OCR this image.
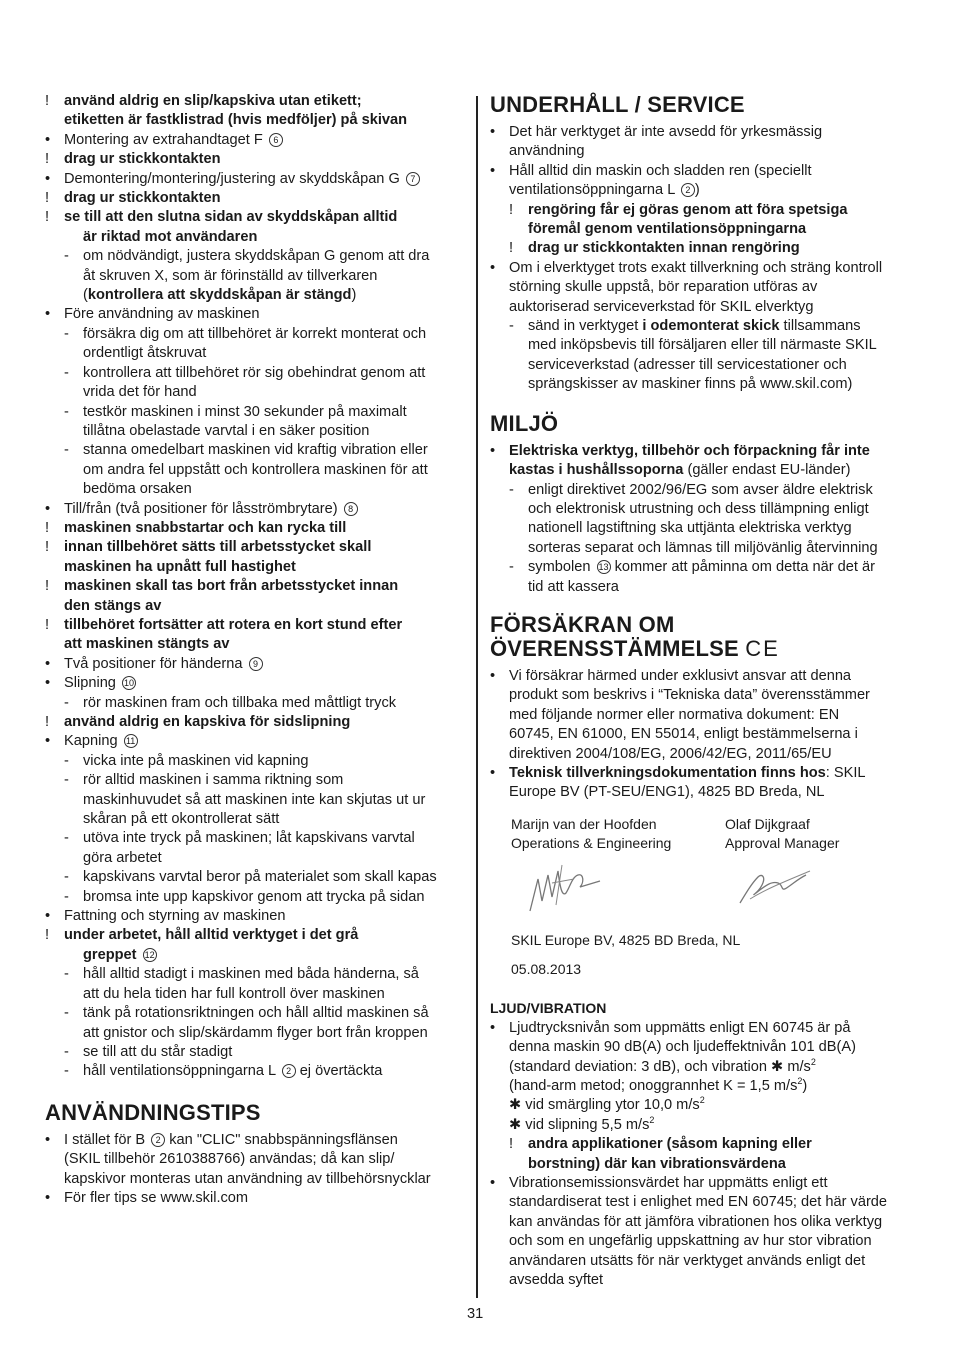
! använd aldrig en slip/kapskiva utan etikett;
etiketten är fastklistrad (hvis medföljer) på skivan
• Montering av extrahandtaget F 6
! drag ur stickkontakten
• Demontering/montering/justering av skyddskåpan G 7
! drag ur stickkontakten
! se till att den slutna sidan av skyddskåpan alltid
är riktad mot användaren
- om nödvändigt, justera skyddskåpan G genom att dra
åt skruven X, som är förinställd av tillverkaren
(kontrollera att skyddskåpan är stängd)
• Före användning av maskinen
- försäkra dig om att tillbehöret är korrekt monterat och
ordentligt åtskruvat
- kontrollera att tillbehöret rör sig obehindrat genom att
vrida det för hand
- testkör maskinen i minst 30 sekunder på maximalt
tillåtna obelastade varvtal i en säker position
- stanna omedelbart maskinen vid kraftig vibration eller
om andra fel uppstått och kontrollera maskinen för att
bedöma orsaken
• Till/från (två positioner för låsströmbrytare) 8
! maskinen snabbstartar och kan rycka till
! innan tillbehöret sätts till arbetsstycket skall
maskinen ha upnått full hastighet
! maskinen skall tas bort från arbetsstycket innan
den stängs av
! tillbehöret fortsätter att rotera en kort stund efter
att maskinen stängts av
• Två positioner för händerna 9
• Slipning 10
- rör maskinen fram och tillbaka med måttligt tryck
! använd aldrig en kapskiva för sidslipning
• Kapning 11
- vicka inte på maskinen vid kapning
- rör alltid maskinen i samma riktning som
maskinhuvudet så att maskinen inte kan skjutas ut ur
skåran på ett okontrollerat sätt
- utöva inte tryck på maskinen; låt kapskivans varvtal
göra arbetet
- kapskivans varvtal beror på materialet som skall kapas
- bromsa inte upp kapskivor genom att trycka på sidan
• Fattning och styrning av maskinen
! under arbetet, håll alltid verktyget i det grå
greppet 12
- håll alltid stadigt i maskinen med båda händerna, så
att du hela tiden har full kontroll över maskinen
- tänk på rotationsriktningen och håll alltid maskinen så
att gnistor och slip/skärdamm flyger bort från kroppen
- se till att du står stadigt
- håll ventilationsöppningarna L 2 ej övertäckta
ANVÄNDNINGSTIPS
• I stället för B 2 kan "CLIC" snabbspänningsflänsen
(SKIL tillbehör 2610388766) användas; då kan slip/
kapskivor monteras utan användning av tillbehörsnycklar
• För fler tips se www.skil.com
UNDERHÅLL / SERVICE
• Det här verktyget är inte avsedd för yrkesmässig
användning
• Håll alltid din maskin och sladden ren (speciellt
ventilationsöppningarna L 2 )
! rengöring får ej göras genom att föra spetsiga
föremål genom ventilationsöppningarna
! drag ur stickkontakten innan rengöring
• Om i elverktyget trots exakt tillverkning och sträng kontroll
störning skulle uppstå, bör reparation utföras av
auktoriserad serviceverkstad för SKIL elverktyg
- sänd in verktyget i odemonterat skick tillsammans
med inköpsbevis till försäljaren eller till närmaste SKIL
serviceverkstad (adresser till servicestationer och
sprängskisser av maskiner finns på www.skil.com)
MILJÖ
• Elektriska verktyg, tillbehör och förpackning får inte
kastas i hushållssoporna (gäller endast EU-länder)
- enligt direktivet 2002/96/EG som avser äldre elektrisk
och elektronisk utrustning och dess tillämpning enligt
nationell lagstiftning ska uttjänta elektriska verktyg
sorteras separat och lämnas till miljövänlig återvinning
- symbolen 13 kommer att påminna om detta när det är
tid att kassera
FÖRSÄKRAN OM
ÖVERENSSTÄMMELSE CE
• Vi försäkrar härmed under exklusivt ansvar att denna
produkt som beskrivs i “Tekniska data” överensstämmer
med följande normer eller normativa dokument: EN
60745, EN 61000, EN 55014, enligt bestämmelserna i
direktiven 2004/108/EG, 2006/42/EG, 2011/65/EU
• Teknisk tillverkningsdokumentation finns hos: SKIL
Europe BV (PT-SEU/ENG1), 4825 BD Breda, NL
Marijn van der Hoofden
Operations & Engineering
Olaf Dijkgraaf
Approval Manager
SKIL Europe BV, 4825 BD Breda, NL
05.08.2013
LJUD/VIBRATION
• Ljudtrycksnivån som uppmätts enligt EN 60745 är på
denna maskin 90 dB(A) och ljudeffektnivån 101 dB(A)
(standard deviation: 3 dB), och vibration ✱ $m/s^2$
(hand-arm metod; onoggrannhet K = 1,5 $m/s^2$)
✱ vid smärgling ytor 10,0 $m/s^2$
✱ vid slipning 5,5 $m/s^2$
! andra applikationer (såsom kapning eller
borstning) där kan vibrationsvärdena
• Vibrationsemissionsvärdet har uppmätts enligt ett
standardiserat test i enlighet med EN 60745; det här värde
kan användas för att jämföra vibrationen hos olika verktyg
och som en ungefärlig uppskattning av hur stor vibration
användaren utsätts för när verktyget används enligt det
avsedda syftet
31
